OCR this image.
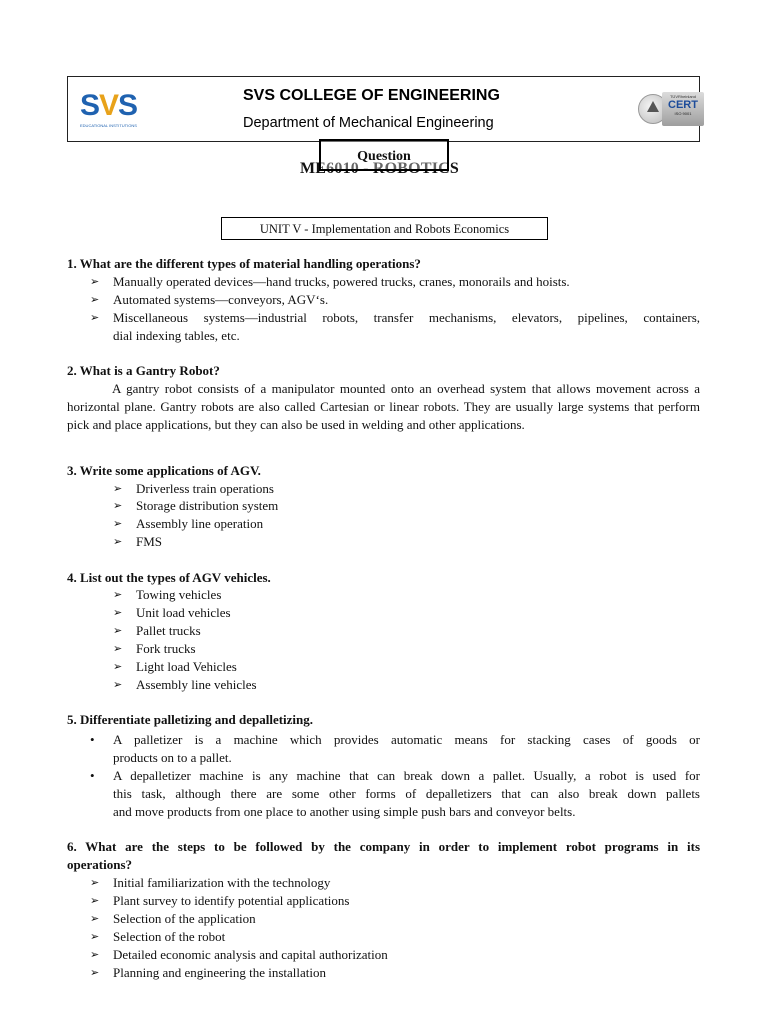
SVS
EDUCATIONAL INSTITUTIONS
SVS COLLEGE OF ENGINEERING
Department of Mechanical Engineering
TÜVRheinland
CERT
ISO 9001
ME6010 - ROBOTICS
Question
UNIT V - Implementation and Robots Economics
1. What are the different types of material handling operations?
➢ Manually operated devices—hand trucks, powered trucks, cranes, monorails and hoists.
➢ Automated systems—conveyors, AGV‘s.
➢ Miscellaneous systems—industrial robots, transfer mechanisms, elevators, pipelines, containers,
dial indexing tables, etc.
2. What is a Gantry Robot?
A gantry robot consists of a manipulator mounted onto an overhead system that allows movement across a horizontal plane. Gantry robots are also called Cartesian or linear robots. They are usually large systems that perform pick and place applications, but they can also be used in welding and other applications.
3. Write some applications of AGV.
➢ Driverless train operations
➢ Storage distribution system
➢ Assembly line operation
➢ FMS
4. List out the types of AGV vehicles.
➢ Towing vehicles
➢ Unit load vehicles
➢ Pallet trucks
➢ Fork trucks
➢ Light load Vehicles
➢ Assembly line vehicles
5. Differentiate palletizing and depalletizing.
• A palletizer is a machine which provides automatic means for stacking cases of goods or
products on to a pallet.
• A depalletizer machine is any machine that can break down a pallet. Usually, a robot is used for
this task, although there are some other forms of depalletizers that can also break down pallets
and move products from one place to another using simple push bars and conveyor belts.
6. What are the steps to be followed by the company in order to implement robot programs in its
operations?
➢ Initial familiarization with the technology
➢ Plant survey to identify potential applications
➢ Selection of the application
➢ Selection of the robot
➢ Detailed economic analysis and capital authorization
➢ Planning and engineering the installation
